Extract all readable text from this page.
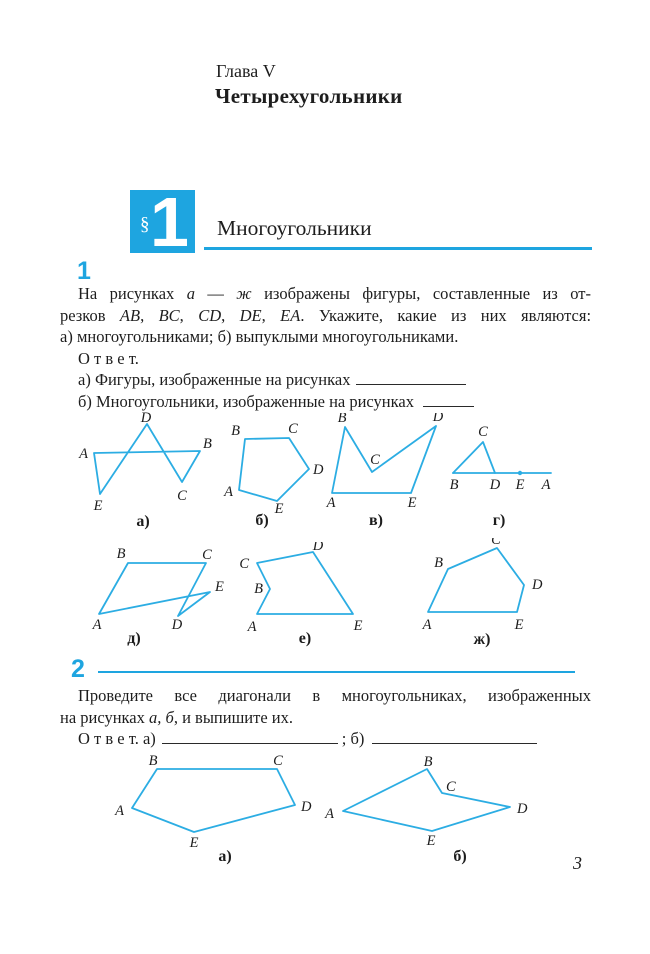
Глава V
Четырехугольники
§ 1 Многоугольники
1
На рисунках а — ж изображены фигуры, составленные из от-
резков AB, BC, CD, DE, EA. Укажите, какие из них являются:
а) многоугольниками; б) выпуклыми многоугольниками.
О т в е т.
а) Фигуры, изображенные на рисунках
б) Многоугольники, изображенные на рисунках
A
B
C
D
E
а)
A
B	C
D
E
б)
A
B
C
D
E
в)
B D E A
C
г)
A
B	C
D
E
д)
A
B
C
D
E
е)
A
B
C
D
E
ж)
2
Проведите все диагонали в многоугольниках, изображенных
на рисунках а, б, и выпишите их.
О т в е т. а)	; б)
A
B	C
D
E
а)
A
B
C
D
E
б)	3
